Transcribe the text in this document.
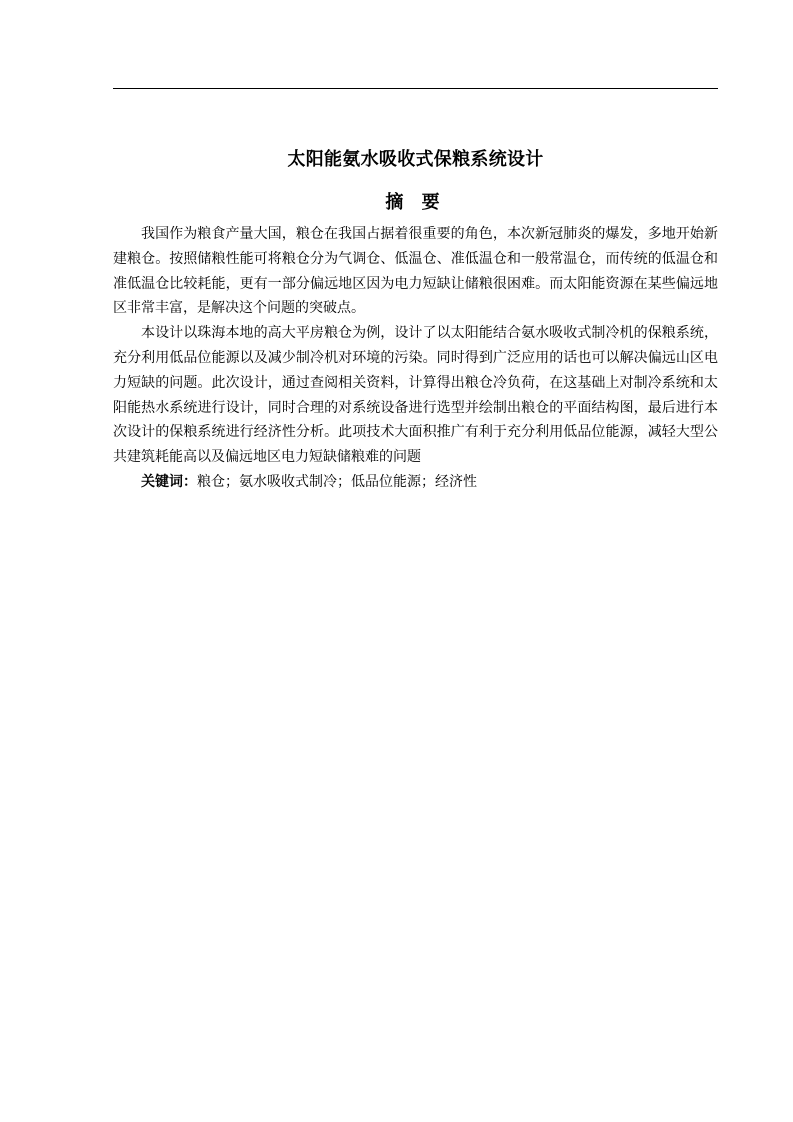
太阳能氨水吸收式保粮系统设计
摘 要

我国作为粮食产量大国，粮仓在我国占据着很重要的角色，本次新冠肺炎的爆发，多地开始新建粮仓。按照储粮性能可将粮仓分为气调仓、低温仓、准低温仓和一般常温仓，而传统的低温仓和准低温仓比较耗能，更有一部分偏远地区因为电力短缺让储粮很困难。而太阳能资源在某些偏远地区非常丰富，是解决这个问题的突破点。

本设计以珠海本地的高大平房粮仓为例，设计了以太阳能结合氨水吸收式制冷机的保粮系统，充分利用低品位能源以及减少制冷机对环境的污染。同时得到广泛应用的话也可以解决偏远山区电力短缺的问题。此次设计，通过查阅相关资料，计算得出粮仓冷负荷，在这基础上对制冷系统和太阳能热水系统进行设计，同时合理的对系统设备进行选型并绘制出粮仓的平面结构图，最后进行本次设计的保粮系统进行经济性分析。此项技术大面积推广有利于充分利用低品位能源，减轻大型公共建筑耗能高以及偏远地区电力短缺储粮难的问题

关键词：粮仓；氨水吸收式制冷；低品位能源；经济性
